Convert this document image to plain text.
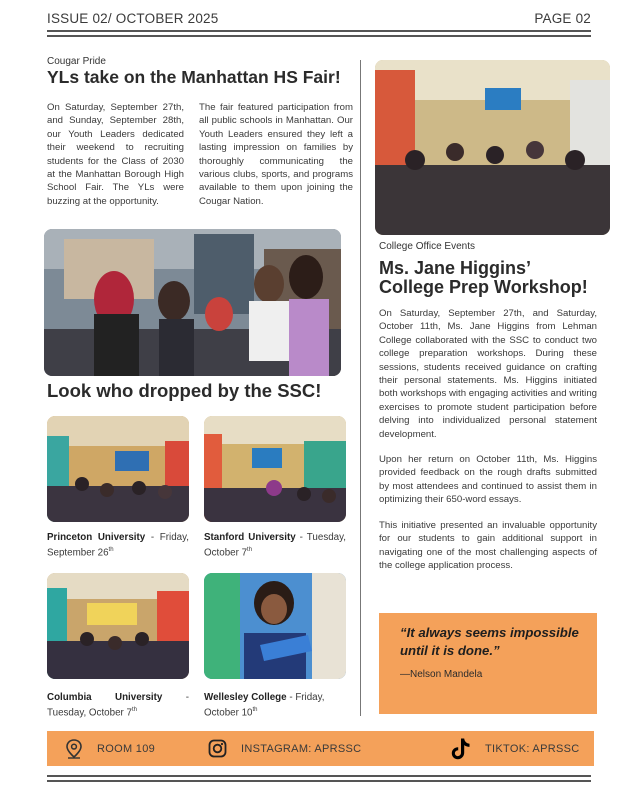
ISSUE 02/ OCTOBER 2025	PAGE 02
Cougar Pride
YLs take on the Manhattan HS Fair!
On Saturday, September 27th, and Sunday, September 28th, our Youth Leaders dedicated their weekend to recruiting students for the Class of 2030 at the Manhattan Borough High School Fair. The YLs were buzzing at the opportunity.
The fair featured participation from all public schools in Manhattan. Our Youth Leaders ensured they left a lasting impression on families by thoroughly communicating the various clubs, sports, and programs available to them upon joining the Cougar Nation.
Look who dropped by the SSC!
Princeton University - Friday, September 26th
Stanford University - Tuesday, October 7th
Columbia University - Tuesday, October 7th
Wellesley College - Friday, October 10th
College Office Events
Ms. Jane Higgins’
College Prep Workshop!

On Saturday, September 27th, and Saturday, October 11th, Ms. Jane Higgins from Lehman College collaborated with the SSC to conduct two college preparation workshops. During these sessions, students received guidance on crafting their personal statements. Ms. Higgins initiated both workshops with engaging activities and writing exercises to promote student participation before delving into individualized personal statement development.

Upon her return on October 11th, Ms. Higgins provided feedback on the rough drafts submitted by most attendees and continued to assist them in optimizing their 650-word essays.

This initiative presented an invaluable opportunity for our students to gain additional support in navigating one of the most challenging aspects of the college application process.

“It always seems impossible until it is done.”
—Nelson Mandela
ROOM 109	INSTAGRAM: APRSSC	TIKTOK: APRSSC
